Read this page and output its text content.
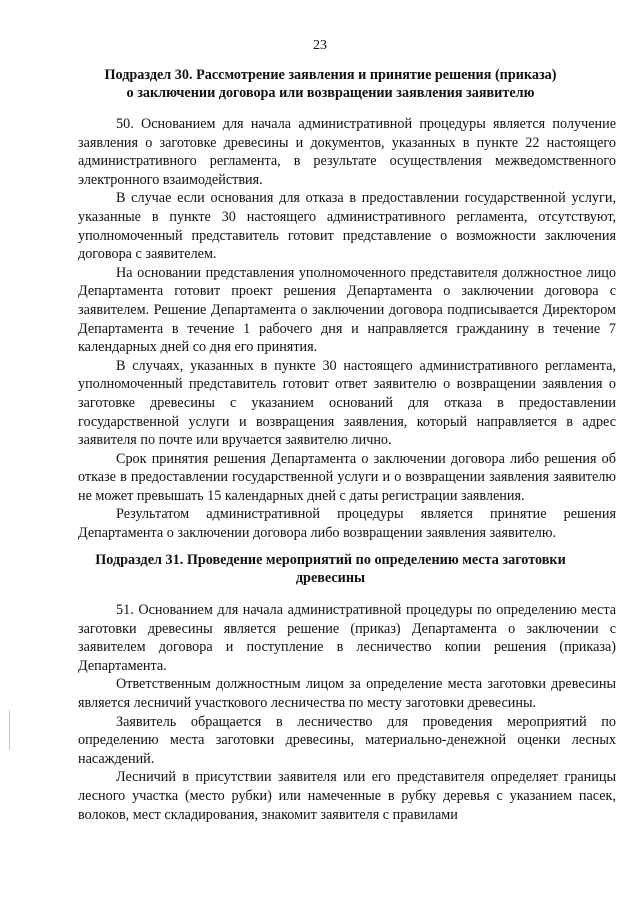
23
Подраздел 30. Рассмотрение заявления и принятие решения (приказа)
о заключении договора или возвращении заявления заявителю

50. Основанием для начала административной процедуры является получение заявления о заготовке древесины и документов, указанных в пункте 22 настоящего административного регламента, в результате осуществления межведомственного электронного взаимодействия.

В случае если основания для отказа в предоставлении государственной услуги, указанные в пункте 30 настоящего административного регламента, отсутствуют, уполномоченный представитель готовит представление о возможности заключения договора с заявителем.

На основании представления уполномоченного представителя должностное лицо Департамента готовит проект решения Департамента о заключении договора с заявителем. Решение Департамента о заключении договора подписывается Директором Департамента в течение 1 рабочего дня и направляется гражданину в течение 7 календарных дней со дня его принятия.

В случаях, указанных в пункте 30 настоящего административного регламента, уполномоченный представитель готовит ответ заявителю о возвращении заявления о заготовке древесины с указанием оснований для отказа в предоставлении государственной услуги и возвращения заявления, который направляется в адрес заявителя по почте или вручается заявителю лично.

Срок принятия решения Департамента о заключении договора либо решения об отказе в предоставлении государственной услуги и о возвращении заявления заявителю не может превышать 15 календарных дней с даты регистрации заявления.

Результатом административной процедуры является принятие решения Департамента о заключении договора либо возвращении заявления заявителю.

Подраздел 31. Проведение мероприятий по определению места заготовки
древесины

51. Основанием для начала административной процедуры по определению места заготовки древесины является решение (приказ) Департамента о заключении с заявителем договора и поступление в лесничество копии решения (приказа) Департамента.

Ответственным должностным лицом за определение места заготовки древесины является лесничий участкового лесничества по месту заготовки древесины.

Заявитель обращается в лесничество для проведения мероприятий по определению места заготовки древесины, материально-денежной оценки лесных насаждений.

Лесничий в присутствии заявителя или его представителя определяет границы лесного участка (место рубки) или намеченные в рубку деревья с указанием пасек, волоков, мест складирования, знакомит заявителя с правилами
